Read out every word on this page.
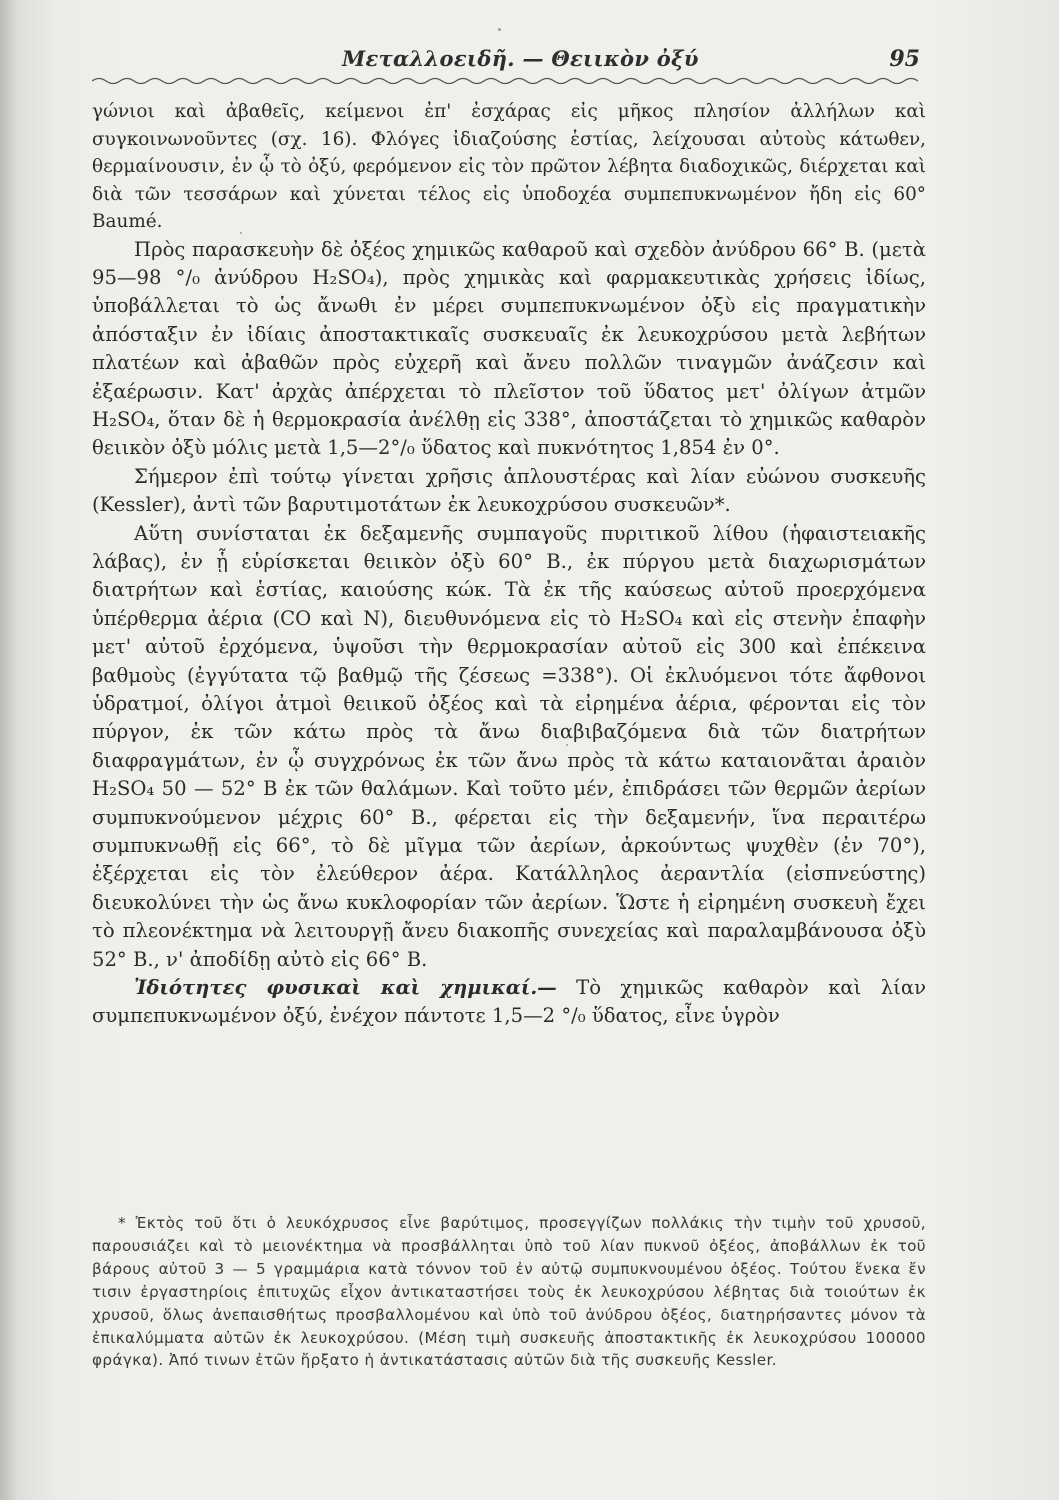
Μεταλλοειδῆ. — Θειικὸν ὀξύ	95

γώνιοι καὶ ἀβαθεῖς, κείμενοι ἐπ' ἐσχάρας εἰς μῆκος πλησίον ἀλλήλων καὶ συγκοινωνοῦντες (σχ. 16). Φλόγες ἰδιαζούσης ἑστίας, λείχουσαι αὐτοὺς κάτωθεν, θερμαίνουσιν, ἐν ᾧ τὸ ὀξύ, φερόμενον εἰς τὸν πρῶτον λέβητα διαδοχικῶς, διέρχεται καὶ διὰ τῶν τεσσάρων καὶ χύνεται τέλος εἰς ὑποδοχέα συμπεπυκνωμένον ἤδη εἰς 60° Baumé.

Πρὸς παρασκευὴν δὲ ὀξέος χημικῶς καθαροῦ καὶ σχεδὸν ἀνύδρου 66° Β. (μετὰ 95—98 °/₀ ἀνύδρου H₂SO₄), πρὸς χημικὰς καὶ φαρμακευτικὰς χρήσεις ἰδίως, ὑποβάλλεται τὸ ὡς ἄνωθι ἐν μέρει συμπεπυκνωμένον ὀξὺ εἰς πραγματικὴν ἀπόσταξιν ἐν ἰδίαις ἀποστακτικαῖς συσκευαῖς ἐκ λευκοχρύσου μετὰ λεβήτων πλατέων καὶ ἀβαθῶν πρὸς εὐχερῆ καὶ ἄνευ πολλῶν τιναγμῶν ἀνάζεσιν καὶ ἐξαέρωσιν. Κατ' ἀρχὰς ἀπέρχεται τὸ πλεῖστον τοῦ ὕδατος μετ' ὀλίγων ἀτμῶν H₂SO₄, ὅταν δὲ ἡ θερμοκρασία ἀνέλθῃ εἰς 338°, ἀποστάζεται τὸ χημικῶς καθαρὸν θειικὸν ὀξὺ μόλις μετὰ 1,5—2°/₀ ὕδατος καὶ πυκνότητος 1,854 ἐν 0°.

Σήμερον ἐπὶ τούτῳ γίνεται χρῆσις ἁπλουστέρας καὶ λίαν εὐώνου συσκευῆς (Kessler), ἀντὶ τῶν βαρυτιμοτάτων ἐκ λευκοχρύσου συσκευῶν*.

Αὕτη συνίσταται ἐκ δεξαμενῆς συμπαγοῦς πυριτικοῦ λίθου (ἡφαιστειακῆς λάβας), ἐν ᾗ εὑρίσκεται θειικὸν ὀξὺ 60° Β., ἐκ πύργου μετὰ διαχωρισμάτων διατρήτων καὶ ἑστίας, καιούσης κώκ. Τὰ ἐκ τῆς καύσεως αὐτοῦ προερχόμενα ὑπέρθερμα ἀέρια (CO καὶ N), διευθυνόμενα εἰς τὸ H₂SO₄ καὶ εἰς στενὴν ἐπαφὴν μετ' αὐτοῦ ἐρχόμενα, ὑψοῦσι τὴν θερμοκρασίαν αὐτοῦ εἰς 300 καὶ ἐπέκεινα βαθμοὺς (ἐγγύτατα τῷ βαθμῷ τῆς ζέσεως =338°). Οἱ ἐκλυόμενοι τότε ἄφθονοι ὑδρατμοί, ὀλίγοι ἀτμοὶ θειικοῦ ὀξέος καὶ τὰ εἰρημένα ἀέρια, φέρονται εἰς τὸν πύργον, ἐκ τῶν κάτω πρὸς τὰ ἄνω διαβιβαζόμενα διὰ τῶν διατρήτων διαφραγμάτων, ἐν ᾧ συγχρόνως ἐκ τῶν ἄνω πρὸς τὰ κάτω καταιονᾶται ἀραιὸν H₂SO₄ 50 — 52° Β ἐκ τῶν θαλάμων. Καὶ τοῦτο μέν, ἐπιδράσει τῶν θερμῶν ἀερίων συμπυκνούμενον μέχρις 60° Β., φέρεται εἰς τὴν δεξαμενήν, ἵνα περαιτέρω συμπυκνωθῇ εἰς 66°, τὸ δὲ μῖγμα τῶν ἀερίων, ἀρκούντως ψυχθὲν (ἐν 70°), ἐξέρχεται εἰς τὸν ἐλεύθερον ἀέρα. Κατάλληλος ἀεραντλία (εἰσπνεύστης) διευκολύνει τὴν ὡς ἄνω κυκλοφορίαν τῶν ἀερίων. Ὥστε ἡ εἰρημένη συσκευὴ ἔχει τὸ πλεονέκτημα νὰ λειτουργῇ ἄνευ διακοπῆς συνεχείας καὶ παραλαμβάνουσα ὀξὺ 52° Β., ν' ἀποδίδῃ αὐτὸ εἰς 66° Β.

Ἰδιότητες φυσικαὶ καὶ χημικαί.— Τὸ χημικῶς καθαρὸν καὶ λίαν συμπεπυκνωμένον ὀξύ, ἐνέχον πάντοτε 1,5—2 °/₀ ὕδατος, εἶνε ὑγρὸν

* Ἐκτὸς τοῦ ὅτι ὁ λευκόχρυσος εἶνε βαρύτιμος, προσεγγίζων πολλάκις τὴν τιμὴν τοῦ χρυσοῦ, παρουσιάζει καὶ τὸ μειονέκτημα νὰ προσβάλληται ὑπὸ τοῦ λίαν πυκνοῦ ὀξέος, ἀποβάλλων ἐκ τοῦ βάρους αὐτοῦ 3 — 5 γραμμάρια κατὰ τόννον τοῦ ἐν αὐτῷ συμπυκνουμένου ὀξέος. Τούτου ἕνεκα ἔν τισιν ἐργαστηρίοις ἐπιτυχῶς εἶχον ἀντικαταστήσει τοὺς ἐκ λευκοχρύσου λέβητας διὰ τοιούτων ἐκ χρυσοῦ, ὅλως ἀνεπαισθήτως προσβαλλομένου καὶ ὑπὸ τοῦ ἀνύδρου ὀξέος, διατηρήσαντες μόνον τὰ ἐπικαλύμματα αὐτῶν ἐκ λευκοχρύσου. (Μέση τιμὴ συσκευῆς ἀποστακτικῆς ἐκ λευκοχρύσου 100000 φράγκα). Ἀπό τινων ἐτῶν ἤρξατο ἡ ἀντικατάστασις αὐτῶν διὰ τῆς συσκευῆς Kessler.
